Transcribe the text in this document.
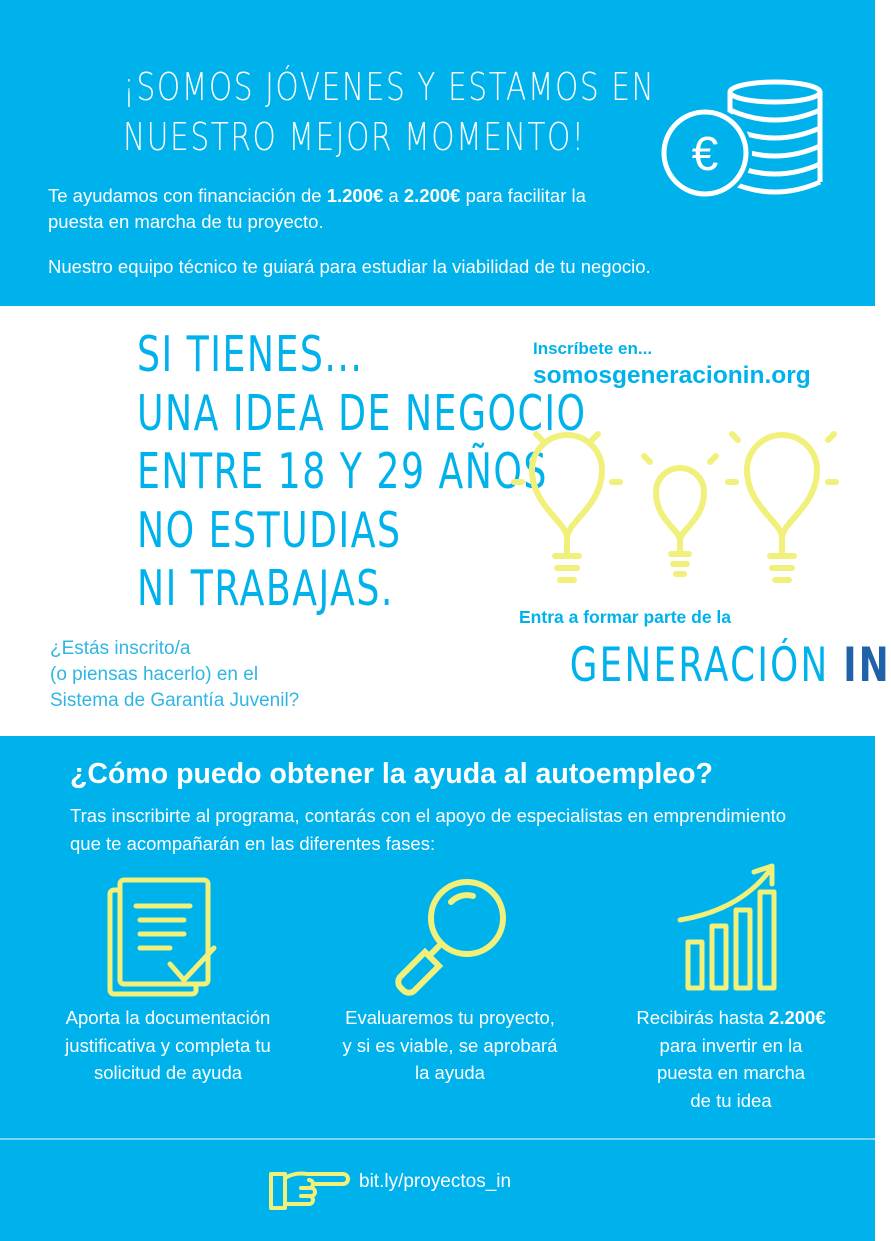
¡SOMOS JÓVENES Y ESTAMOS EN
NUESTRO MEJOR MOMENTO!
Te ayudamos con financiación de 1.200€ a 2.200€ para facilitar la puesta en marcha de tu proyecto.
Nuestro equipo técnico te guiará para estudiar la viabilidad de tu negocio.
€
SI TIENES...
UNA IDEA DE NEGOCIO
ENTRE 18 Y 29 AÑOS
NO ESTUDIAS
NI TRABAJAS.
¿Estás inscrito/a
(o piensas hacerlo) en el
Sistema de Garantía Juvenil?
Inscríbete en...
somosgeneracionin.org
Entra a formar parte de la
GENERACIÓN IN
¿Cómo puedo obtener la ayuda al autoempleo?
Tras inscribirte al programa, contarás con el apoyo de especialistas en emprendimiento que te acompañarán en las diferentes fases:
Aporta la documentación
justificativa y completa tu
solicitud de ayuda
Evaluaremos tu proyecto,
y si es viable, se aprobará
la ayuda
Recibirás hasta 2.200€
para invertir en la
puesta en marcha
de tu idea
bit.ly/proyectos_in
